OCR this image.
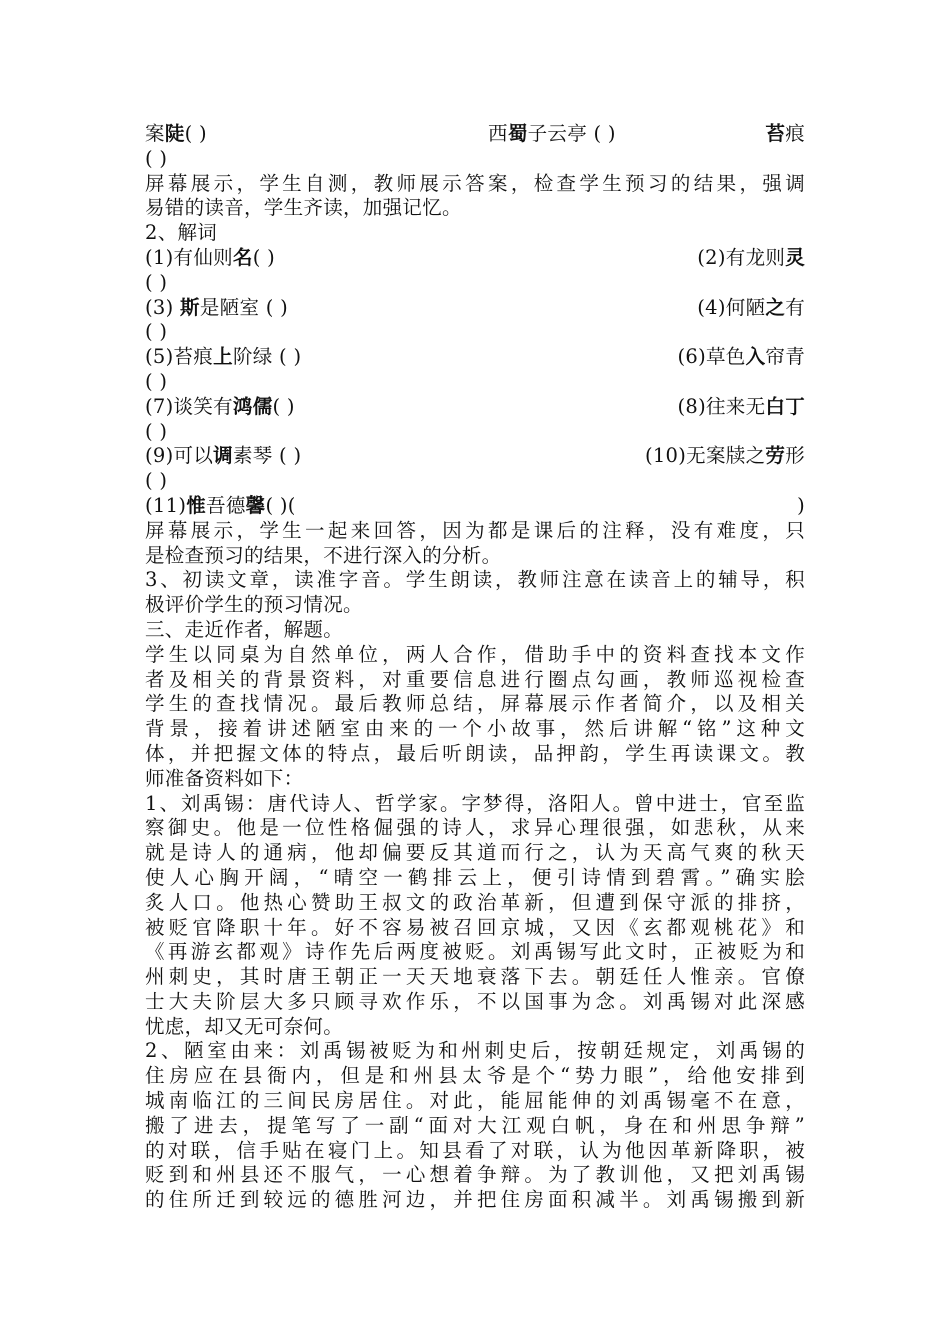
案陡( )	西蜀子云亭 ( )	苔痕
( )
屏幕展示，学生自测，教师展示答案，检查学生预习的结果，强调
易错的读音，学生齐读，加强记忆。
2、解词
(1)有仙则名( )	(2)有龙则灵
( )
(3) 斯是陋室 ( )	(4)何陋之有
( )
(5)苔痕上阶绿 ( )	(6)草色入帘青
( )
(7)谈笑有鸿儒( )	(8)往来无白丁
( )
(9)可以调素琴 ( )	(10)无案牍之劳形
( )
(11)惟吾德馨( )(	)
屏幕展示，学生一起来回答，因为都是课后的注释，没有难度，只
是检查预习的结果，不进行深入的分析。
3、初读文章，读准字音。学生朗读，教师注意在读音上的辅导，积
极评价学生的预习情况。
三、走近作者，解题。
学生以同桌为自然单位，两人合作，借助手中的资料查找本文作
者及相关的背景资料，对重要信息进行圈点勾画，教师巡视检查
学生的查找情况。最后教师总结，屏幕展示作者简介，以及相关
背景，接着讲述陋室由来的一个小故事，然后讲解“铭”这种文
体，并把握文体的特点，最后听朗读，品押韵，学生再读课文。教
师准备资料如下：
1、刘禹锡：唐代诗人、哲学家。字梦得，洛阳人。曾中进士，官至监
察御史。他是一位性格倔强的诗人，求异心理很强，如悲秋，从来
就是诗人的通病，他却偏要反其道而行之，认为天高气爽的秋天
使人心胸开阔，“晴空一鹤排云上，便引诗情到碧霄。”确实脍
炙人口。他热心赞助王叔文的政治革新，但遭到保守派的排挤，
被贬官降职十年。好不容易被召回京城，又因《玄都观桃花》和
《再游玄都观》诗作先后两度被贬。刘禹锡写此文时，正被贬为和
州刺史，其时唐王朝正一天天地衰落下去。朝廷任人惟亲。官僚
士大夫阶层大多只顾寻欢作乐，不以国事为念。刘禹锡对此深感
忧虑，却又无可奈何。
2、陋室由来：刘禹锡被贬为和州刺史后，按朝廷规定，刘禹锡的
住房应在县衙内，但是和州县太爷是个“势力眼”，给他安排到
城南临江的三间民房居住。对此，能屈能伸的刘禹锡毫不在意，
搬了进去，提笔写了一副“面对大江观白帆，身在和州思争辩”
的对联，信手贴在寝门上。知县看了对联，认为他因革新降职，被
贬到和州县还不服气，一心想着争辩。为了教训他，又把刘禹锡
的住所迁到较远的德胜河边，并把住房面积减半。刘禹锡搬到新
